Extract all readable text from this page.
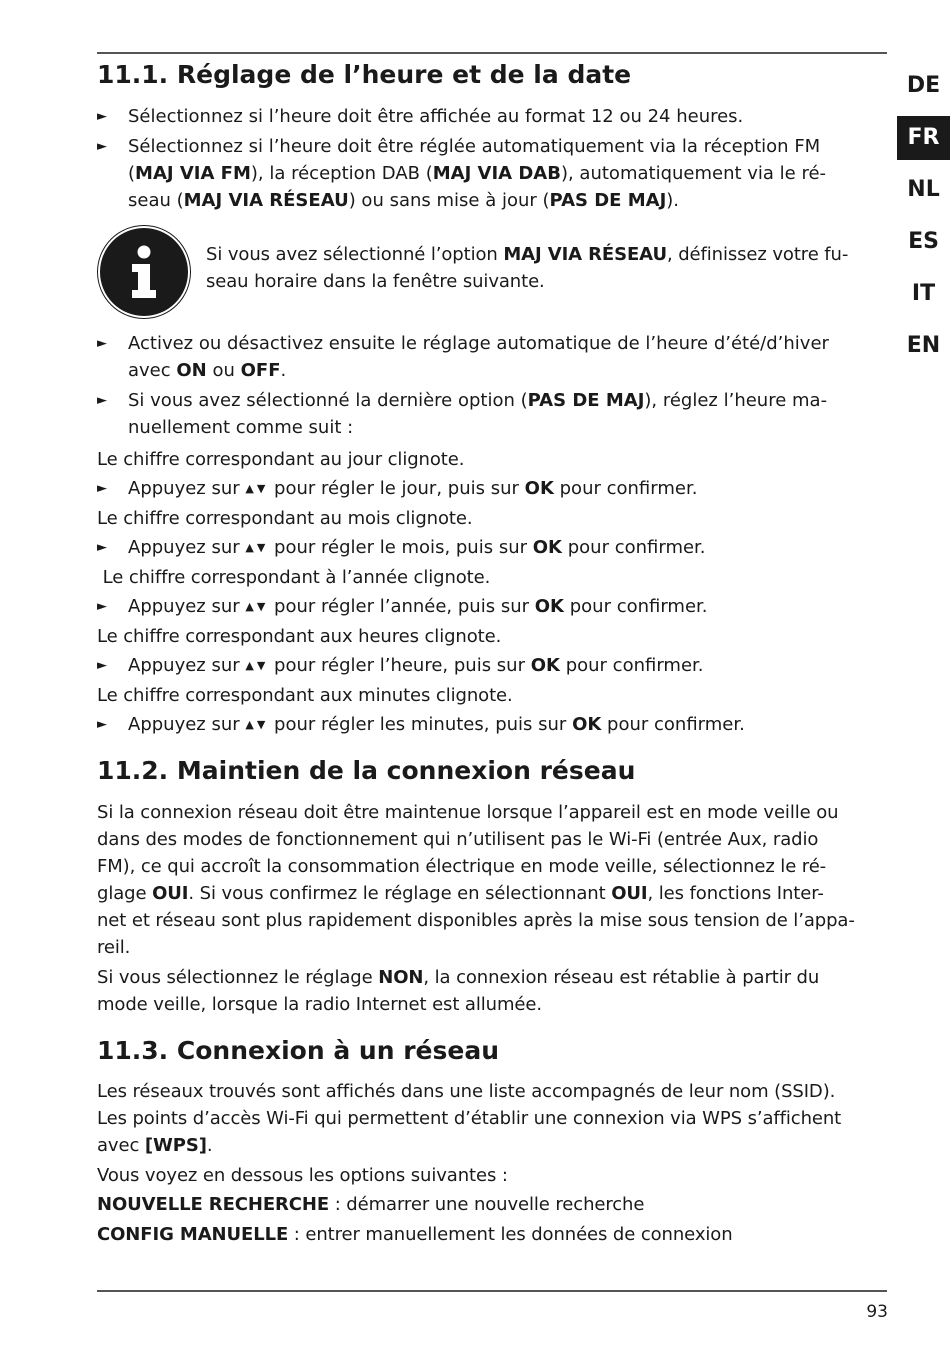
DE
FR
NL
ES
IT
EN
11.1. Réglage de l’heure et de la date
► Sélectionnez si l’heure doit être affichée au format 12 ou 24 heures.
► Sélectionnez si l’heure doit être réglée automatiquement via la réception FM
(MAJ VIA FM), la réception DAB (MAJ VIA DAB), automatiquement via le ré-
seau (MAJ VIA RÉSEAU) ou sans mise à jour (PAS DE MAJ).
Si vous avez sélectionné l’option MAJ VIA RÉSEAU, définissez votre fu-
seau horaire dans la fenêtre suivante.
► Activez ou désactivez ensuite le réglage automatique de l’heure d’été/d’hiver
avec ON ou OFF.
► Si vous avez sélectionné la dernière option (PAS DE MAJ), réglez l’heure ma-
nuellement comme suit :
Le chiffre correspondant au jour clignote.
► Appuyez sur ▲▼ pour régler le jour, puis sur OK pour confirmer.
Le chiffre correspondant au mois clignote.
► Appuyez sur ▲▼ pour régler le mois, puis sur OK pour confirmer.
Le chiffre correspondant à l’année clignote.
► Appuyez sur ▲▼ pour régler l’année, puis sur OK pour confirmer.
Le chiffre correspondant aux heures clignote.
► Appuyez sur ▲▼ pour régler l’heure, puis sur OK pour confirmer.
Le chiffre correspondant aux minutes clignote.
► Appuyez sur ▲▼ pour régler les minutes, puis sur OK pour confirmer.
11.2. Maintien de la connexion réseau
Si la connexion réseau doit être maintenue lorsque l’appareil est en mode veille ou
dans des modes de fonctionnement qui n’utilisent pas le Wi-Fi (entrée Aux, radio
FM), ce qui accroît la consommation électrique en mode veille, sélectionnez le ré-
glage OUI. Si vous confirmez le réglage en sélectionnant OUI, les fonctions Inter-
net et réseau sont plus rapidement disponibles après la mise sous tension de l’appa-
reil.
Si vous sélectionnez le réglage NON, la connexion réseau est rétablie à partir du
mode veille, lorsque la radio Internet est allumée.
11.3. Connexion à un réseau
Les réseaux trouvés sont affichés dans une liste accompagnés de leur nom (SSID).
Les points d’accès Wi-Fi qui permettent d’établir une connexion via WPS s’affichent
avec [WPS].
Vous voyez en dessous les options suivantes :
NOUVELLE RECHERCHE : démarrer une nouvelle recherche
CONFIG MANUELLE : entrer manuellement les données de connexion
93
